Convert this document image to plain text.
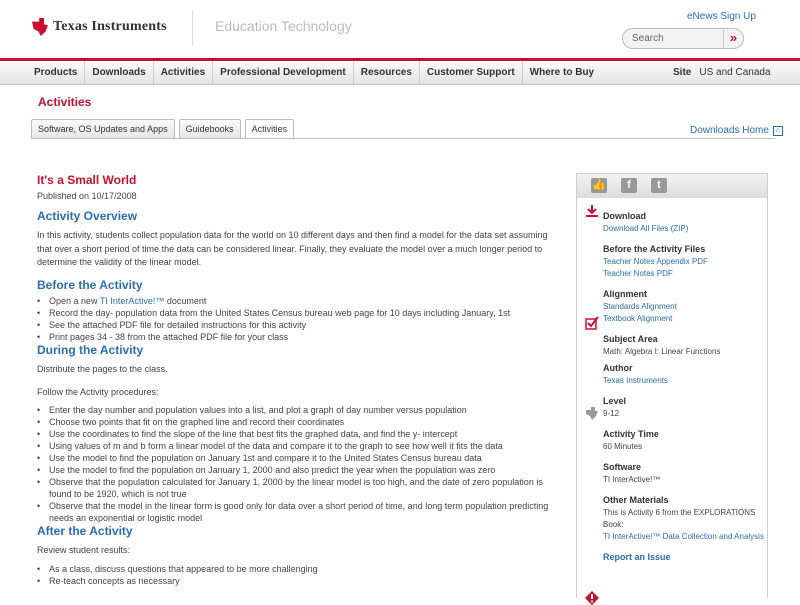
Texas Instruments	Education Technology
eNews Sign Up
Search	»
Products	Downloads	Activities	Professional Development	Resources	Customer Support	Where to Buy	Site US and Canada
Activities
Software, OS Updates and Apps	Guidebooks	Activities	Downloads Home ⌂
It's a Small World
Published on 10/17/2008
Activity Overview

In this activity, students collect population data for the world on 10 different days and then find a model for the data set assuming that over a short period of time the data can be considered linear. Finally, they evaluate the model over a much longer period to determine the validity of the linear model.

Before the Activity
• Open a new TI InterActive!™ document
• Record the day- population data from the United States Census bureau web page for 10 days including January, 1st
• See the attached PDF file for detailed instructions for this activity
• Print pages 34 - 38 from the attached PDF file for your class
During the Activity

Distribute the pages to the class.

Follow the Activity procedures:

• Enter the day number and population values into a list, and plot a graph of day number versus population
• Choose two points that fit on the graphed line and record their coordinates
• Use the coordinates to find the slope of the line that best fits the graphed data, and find the y- intercept
• Using values of m and b form a linear model of the data and compare it to the graph to see how well it fits the data
• Use the model to find the population on January 1st and compare it to the United States Census bureau data
• Use the model to find the population on January 1, 2000 and also predict the year when the population was zero
• Observe that the population calculated for January 1, 2000 by the linear model is too high, and the date of zero population is found to be 1920, which is not true
• Observe that the model in the linear form is good only for data over a short period of time, and long term population predicting needs an exponential or logistic model
After the Activity

Review student results:

• As a class, discuss questions that appeared to be more challenging
• Re-teach concepts as necessary
👍	f	t
Download
Download All Files (ZIP)
Before the Activity Files
Teacher Notes Appendix PDF
Teacher Notes PDF
Alignment
Standards Alignment
Textbook Alignment
Subject Area
Math: Algebra I: Linear Functions
Author
Texas Instruments
Level
9-12
Activity Time
60 Minutes
Software
TI InterActive!™
Other Materials
This is Activity 6 from the EXPLORATIONS Book:
TI InterActive!™ Data Collection and Analysis
Report an Issue
